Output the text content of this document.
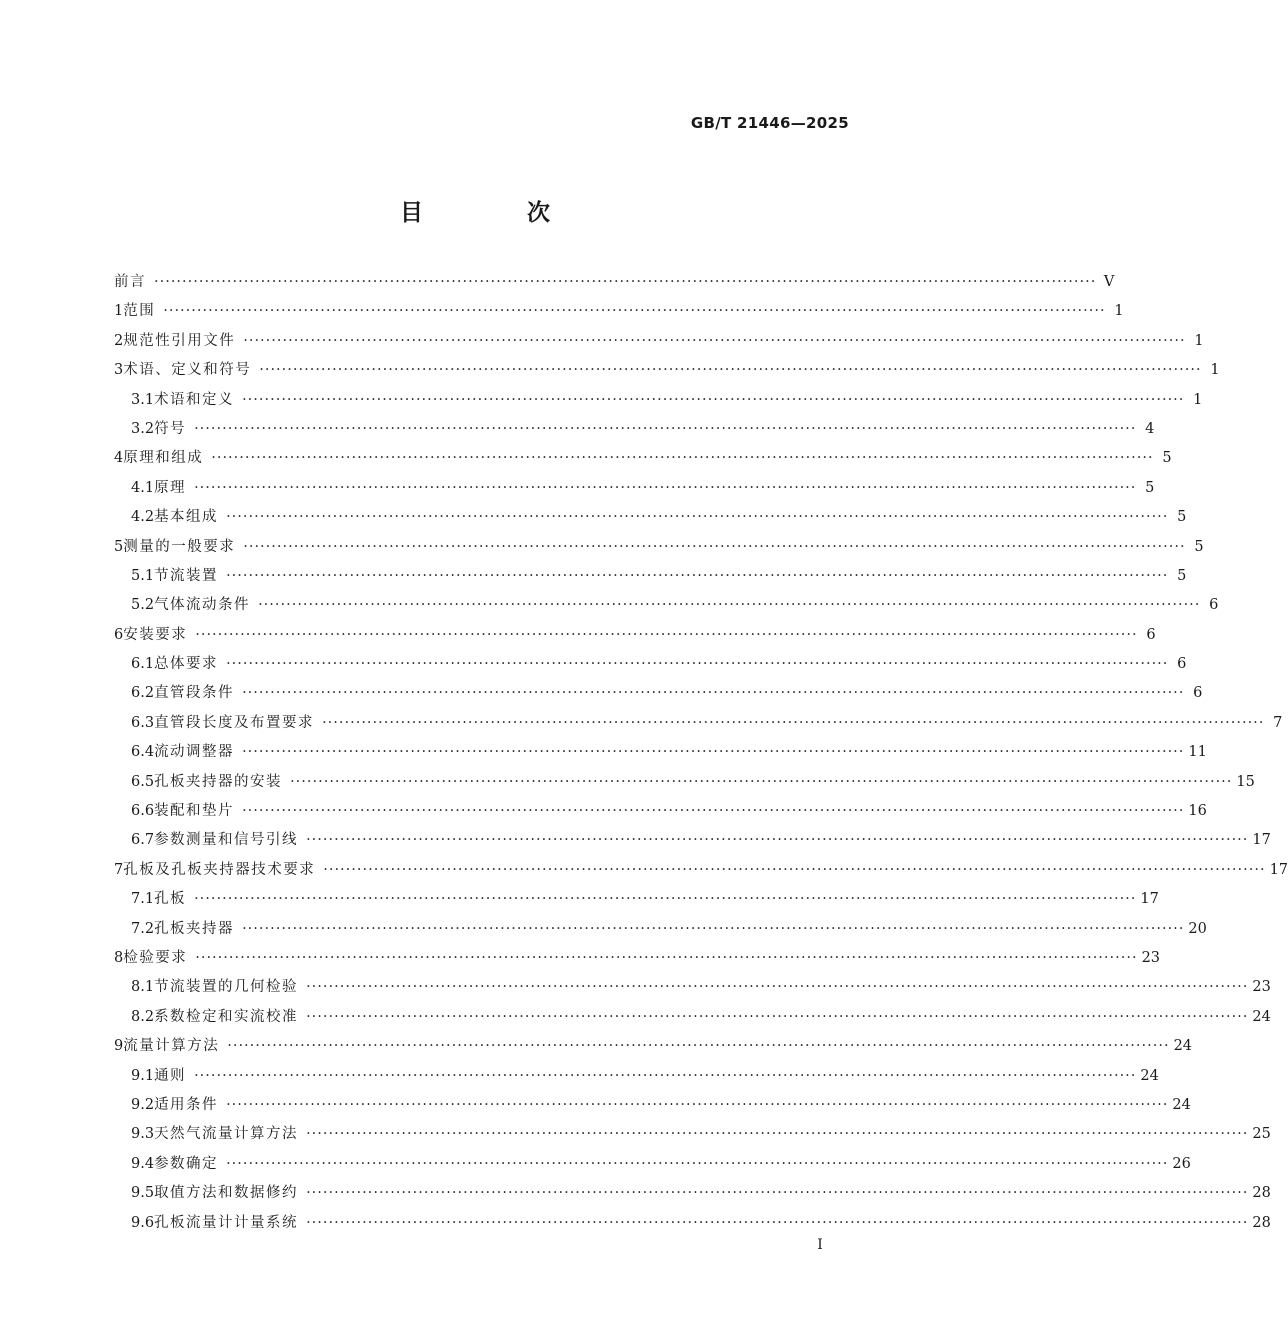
GB/T 21446—2025
目 次
前言 ·····	V
1 范围 ·····	1
2 规范性引用文件 ·····	1
3 术语、定义和符号 ·····	1
3.1 术语和定义 ·····	1
3.2 符号 ·····	4
4 原理和组成 ·····	5
4.1 原理 ·····	5
4.2 基本组成 ·····	5
5 测量的一般要求 ·····	5
5.1 节流装置 ·····	5
5.2 气体流动条件 ·····	6
6 安装要求 ·····	6
6.1 总体要求 ·····	6
6.2 直管段条件 ·····	6
6.3 直管段长度及布置要求 ·····	7
6.4 流动调整器 ·····	11
6.5 孔板夹持器的安装 ·····	15
6.6 装配和垫片 ·····	16
6.7 参数测量和信号引线 ·····	17
7 孔板及孔板夹持器技术要求 ·····	17
7.1 孔板 ·····	17
7.2 孔板夹持器 ·····	20
8 检验要求 ·····	23
8.1 节流装置的几何检验 ·····	23
8.2 系数检定和实流校准 ·····	24
9 流量计算方法 ·····	24
9.1 通则 ·····	24
9.2 适用条件 ·····	24
9.3 天然气流量计算方法 ·····	25
9.4 参数确定 ·····	26
9.5 取值方法和数据修约 ·····	28
9.6 孔板流量计计量系统 ·····	28
I
